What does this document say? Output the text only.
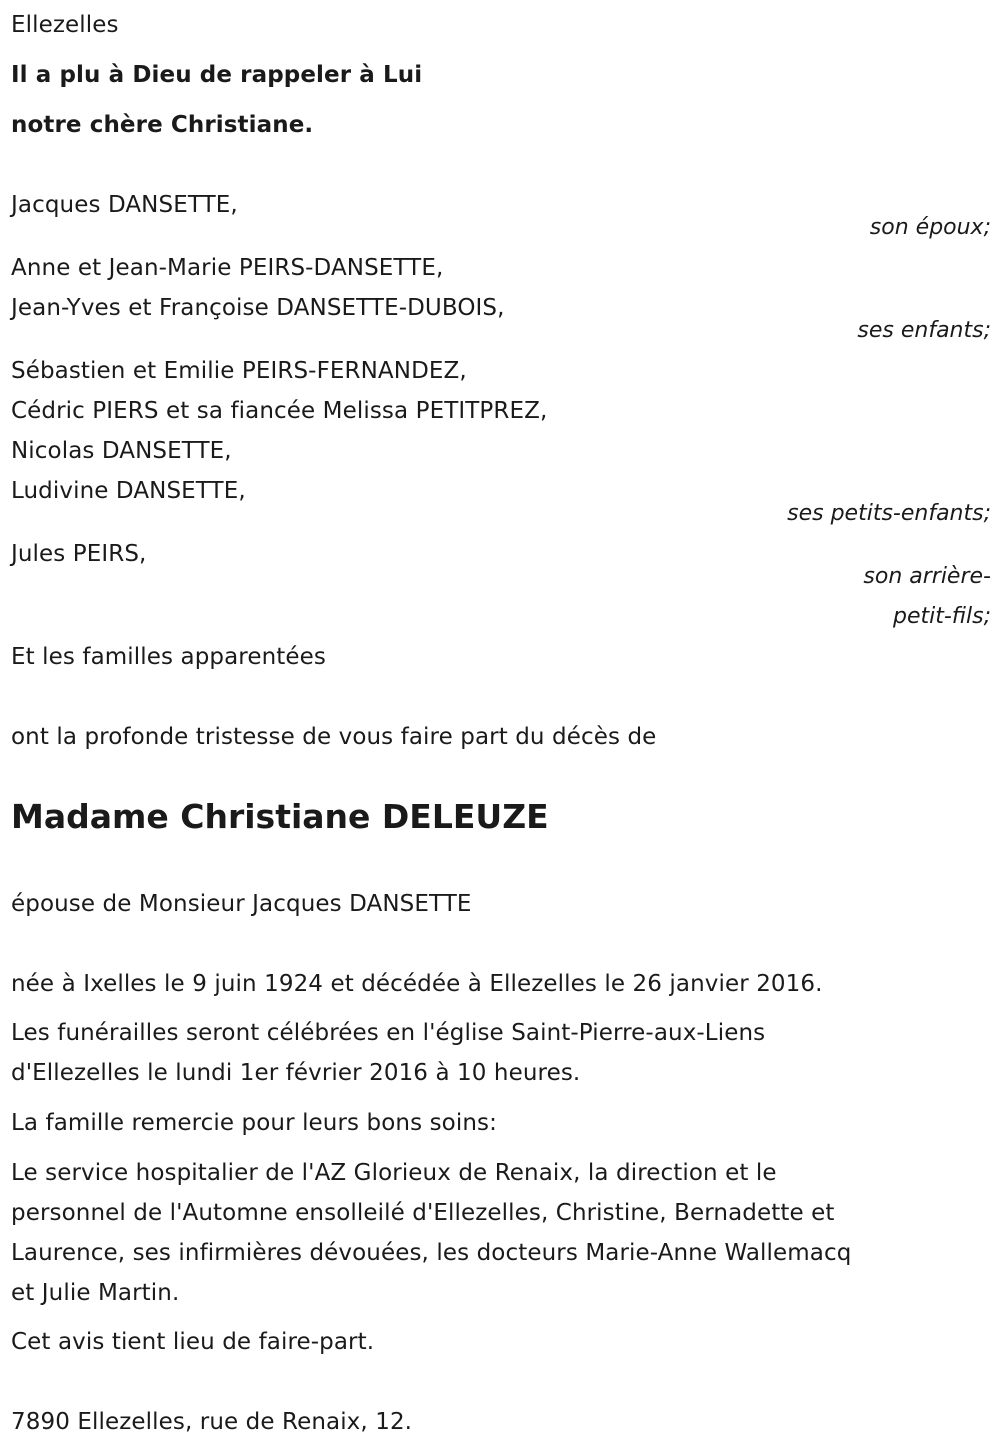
Ellezelles
Il a plu à Dieu de rappeler à Lui
notre chère Christiane.
Jacques DANSETTE,
son époux;
Anne et Jean-Marie PEIRS-DANSETTE,
Jean-Yves et Françoise DANSETTE-DUBOIS,
ses enfants;
Sébastien et Emilie PEIRS-FERNANDEZ,
Cédric PIERS et sa fiancée Melissa PETITPREZ,
Nicolas DANSETTE,
Ludivine DANSETTE,
ses petits-enfants;
Jules PEIRS,
son arrière-
petit-fils;
Et les familles apparentées
ont la profonde tristesse de vous faire part du décès de
Madame Christiane DELEUZE
épouse de Monsieur Jacques DANSETTE
née à Ixelles le 9 juin 1924 et décédée à Ellezelles le 26 janvier 2016.
Les funérailles seront célébrées en l'église Saint-Pierre-aux-Liens
d'Ellezelles le lundi 1er février 2016 à 10 heures.
La famille remercie pour leurs bons soins:
Le service hospitalier de l'AZ Glorieux de Renaix, la direction et le
personnel de l'Automne ensolleilé d'Ellezelles, Christine, Bernadette et
Laurence, ses infirmières dévouées, les docteurs Marie-Anne Wallemacq
et Julie Martin.
Cet avis tient lieu de faire-part.
7890 Ellezelles, rue de Renaix, 12.
